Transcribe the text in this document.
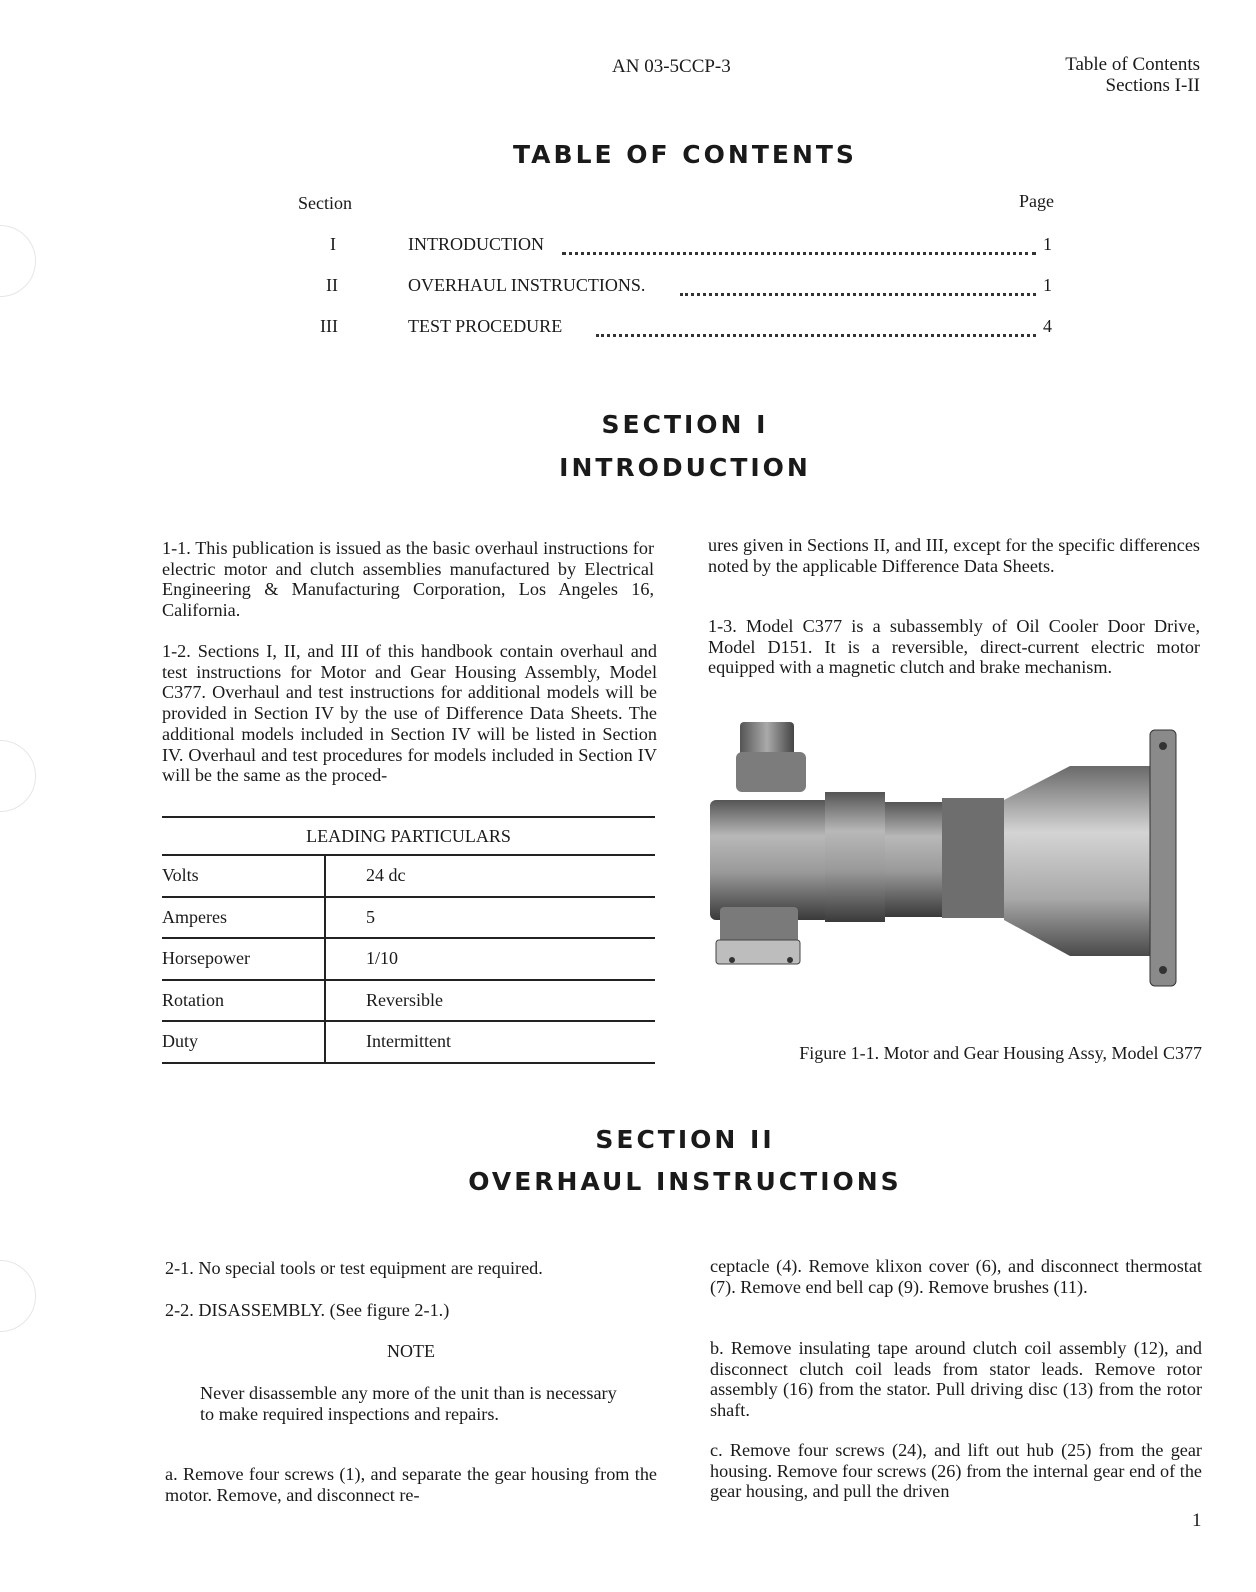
AN 03-5CCP-3	Table of Contents
Sections I-II
TABLE OF CONTENTS
Section	Page
I	INTRODUCTION	1
II	OVERHAUL INSTRUCTIONS.	1
III	TEST PROCEDURE	4
SECTION I
INTRODUCTION

1-1. This publication is issued as the basic overhaul instructions for electric motor and clutch assemblies manufactured by Electrical Engineering & Manufacturing Corporation, Los Angeles 16, California.

1-2. Sections I, II, and III of this handbook contain overhaul and test instructions for Motor and Gear Housing Assembly, Model C377. Overhaul and test instructions for additional models will be provided in Section IV by the use of Difference Data Sheets. The additional models included in Section IV will be listed in Section IV. Overhaul and test procedures for models included in Section IV will be the same as the proced-

LEADING PARTICULARS	
Volts	24 dc
Amperes	5
Horsepower	1/10
Rotation	Reversible
Duty	Intermittent

ures given in Sections II, and III, except for the specific differences noted by the applicable Difference Data Sheets.

1-3. Model C377 is a subassembly of Oil Cooler Door Drive, Model D151. It is a reversible, direct-current electric motor equipped with a magnetic clutch and brake mechanism.

Figure 1-1. Motor and Gear Housing Assy, Model C377
SECTION II
OVERHAUL INSTRUCTIONS

2-1. No special tools or test equipment are required.

2-2. DISASSEMBLY. (See figure 2-1.)

NOTE

Never disassemble any more of the unit than is necessary to make required inspections and repairs.

a. Remove four screws (1), and separate the gear housing from the motor. Remove, and disconnect re-

ceptacle (4). Remove klixon cover (6), and disconnect thermostat (7). Remove end bell cap (9). Remove brushes (11).

b. Remove insulating tape around clutch coil assembly (12), and disconnect clutch coil leads from stator leads. Remove rotor assembly (16) from the stator. Pull driving disc (13) from the rotor shaft.

c. Remove four screws (24), and lift out hub (25) from the gear housing. Remove four screws (26) from the internal gear end of the gear housing, and pull the driven

1
